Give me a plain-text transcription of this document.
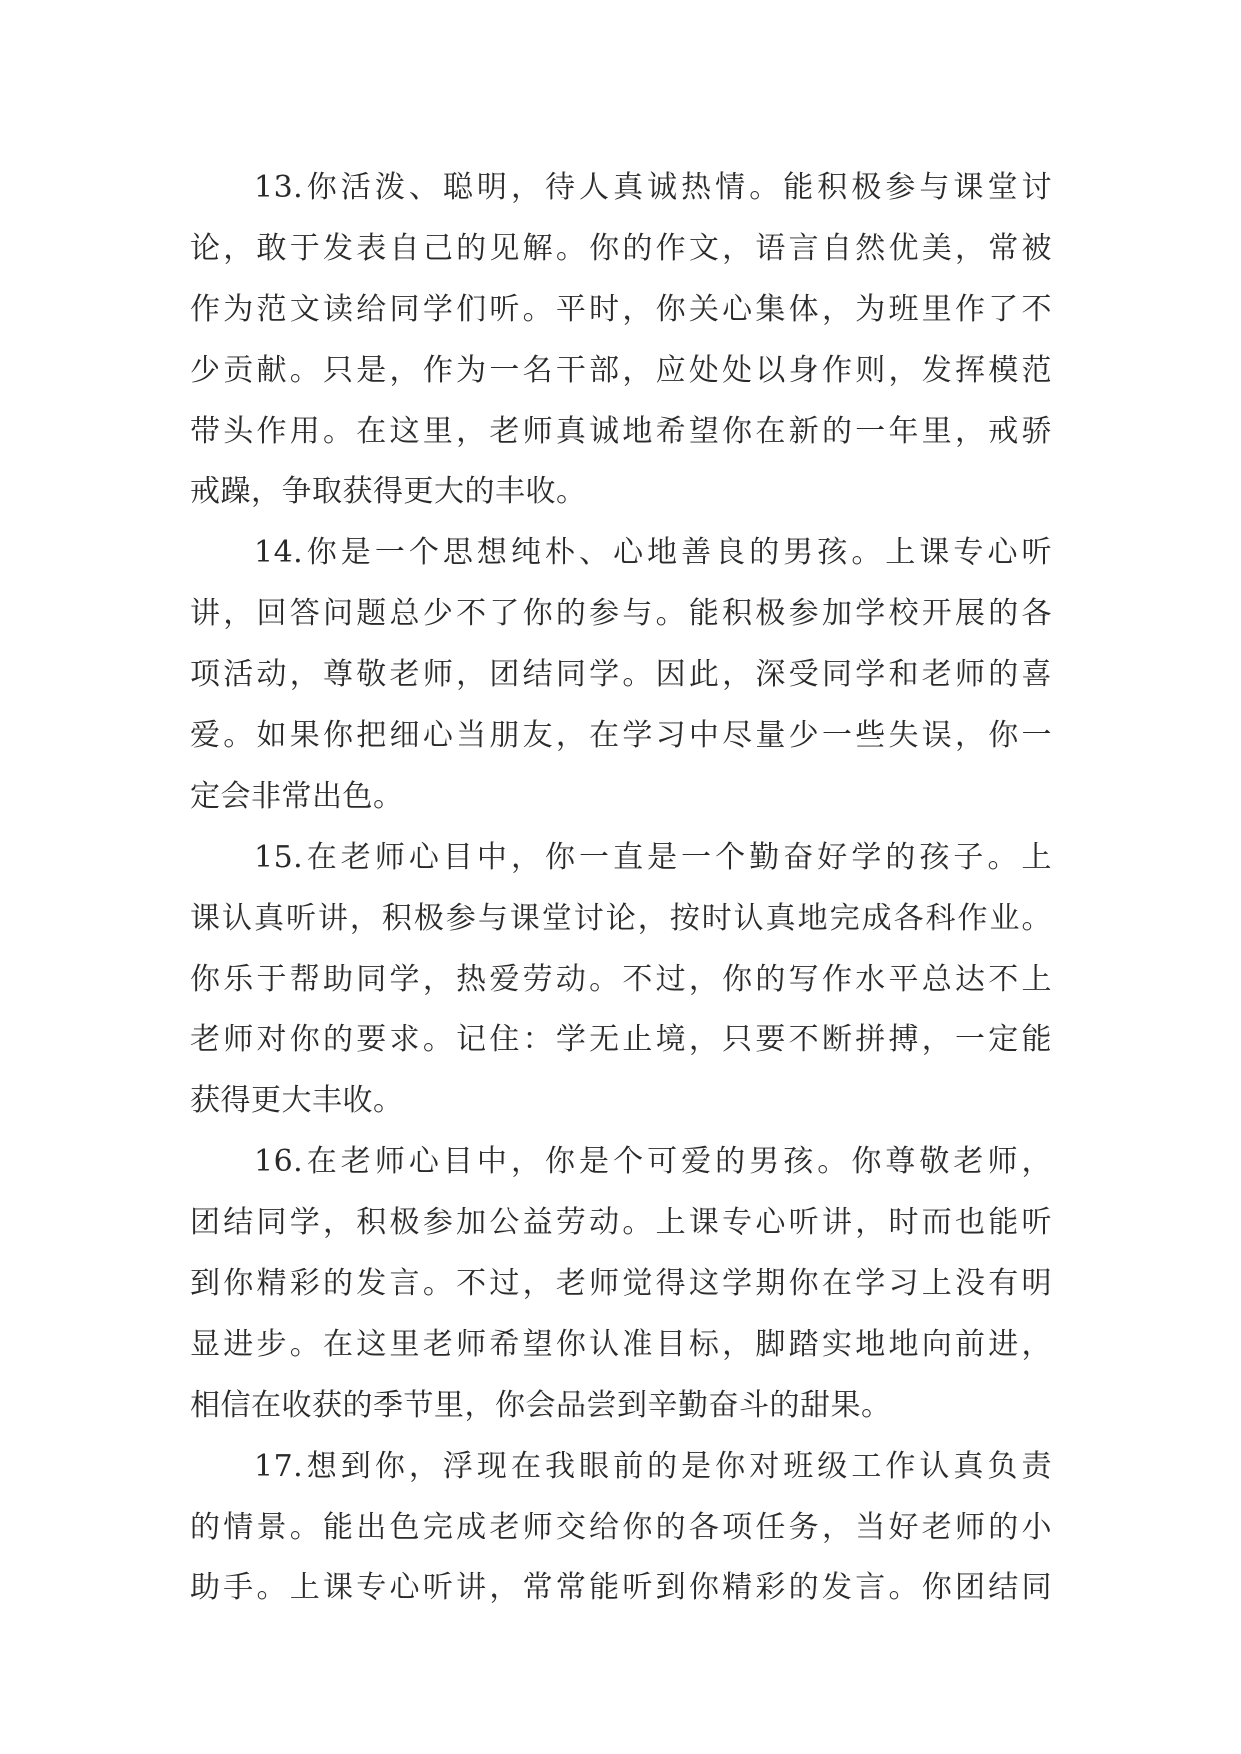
13.你活泼、聪明，待人真诚热情。能积极参与课堂讨
论，敢于发表自己的见解。你的作文，语言自然优美，常被
作为范文读给同学们听。平时，你关心集体，为班里作了不
少贡献。只是，作为一名干部，应处处以身作则，发挥模范
带头作用。在这里，老师真诚地希望你在新的一年里，戒骄
戒躁，争取获得更大的丰收。
14.你是一个思想纯朴、心地善良的男孩。上课专心听
讲，回答问题总少不了你的参与。能积极参加学校开展的各
项活动，尊敬老师，团结同学。因此，深受同学和老师的喜
爱。如果你把细心当朋友，在学习中尽量少一些失误，你一
定会非常出色。
15.在老师心目中，你一直是一个勤奋好学的孩子。上
课认真听讲，积极参与课堂讨论，按时认真地完成各科作业。
你乐于帮助同学，热爱劳动。不过，你的写作水平总达不上
老师对你的要求。记住：学无止境，只要不断拼搏，一定能
获得更大丰收。
16.在老师心目中，你是个可爱的男孩。你尊敬老师，
团结同学，积极参加公益劳动。上课专心听讲，时而也能听
到你精彩的发言。不过，老师觉得这学期你在学习上没有明
显进步。在这里老师希望你认准目标，脚踏实地地向前进，
相信在收获的季节里，你会品尝到辛勤奋斗的甜果。
17.想到你，浮现在我眼前的是你对班级工作认真负责
的情景。能出色完成老师交给你的各项任务，当好老师的小
助手。上课专心听讲，常常能听到你精彩的发言。你团结同
